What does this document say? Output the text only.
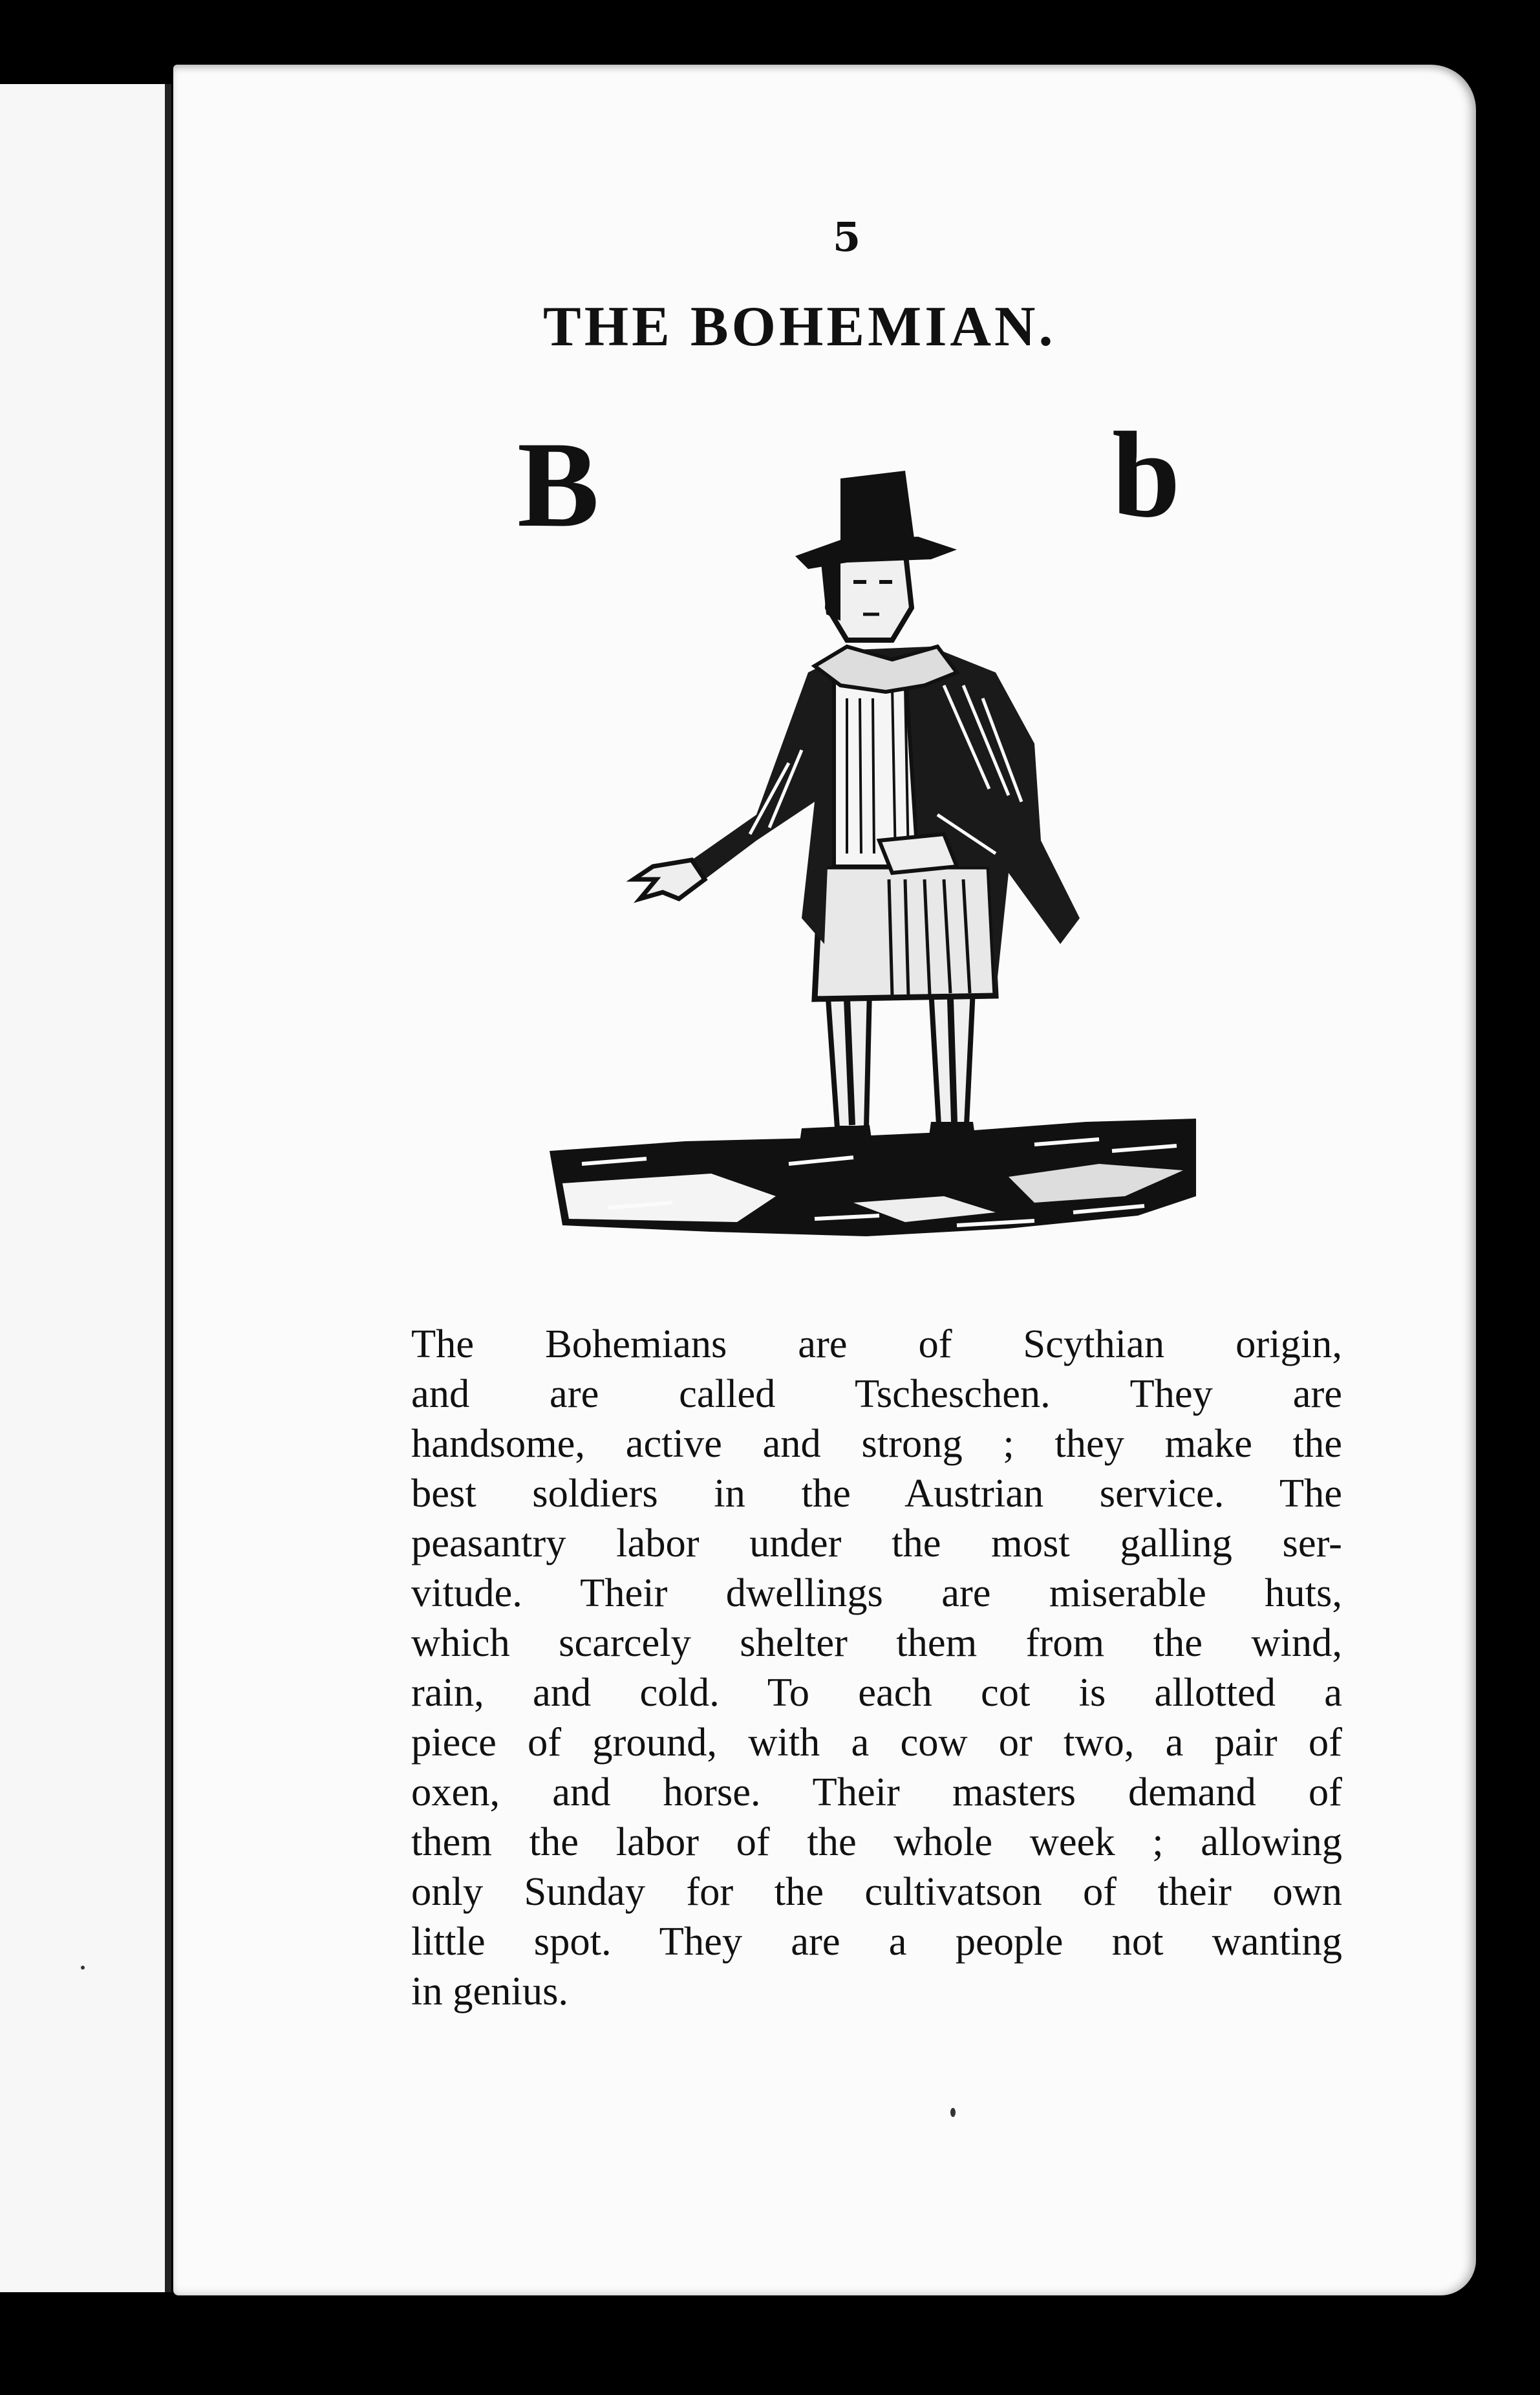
5
THE BOHEMIAN.
B	b
The Bohemians are of Scythian origin,
and are called Tscheschen. They are
handsome, active and strong ; they make the
best soldiers in the Austrian service. The
peasantry labor under the most galling ser-
vitude. Their dwellings are miserable huts,
which scarcely shelter them from the wind,
rain, and cold. To each cot is allotted a
piece of ground, with a cow or two, a pair of
oxen, and horse. Their masters demand of
them the labor of the whole week ; allowing
only Sunday for the cultivatson of their own
little spot. They are a people not wanting
in genius.
